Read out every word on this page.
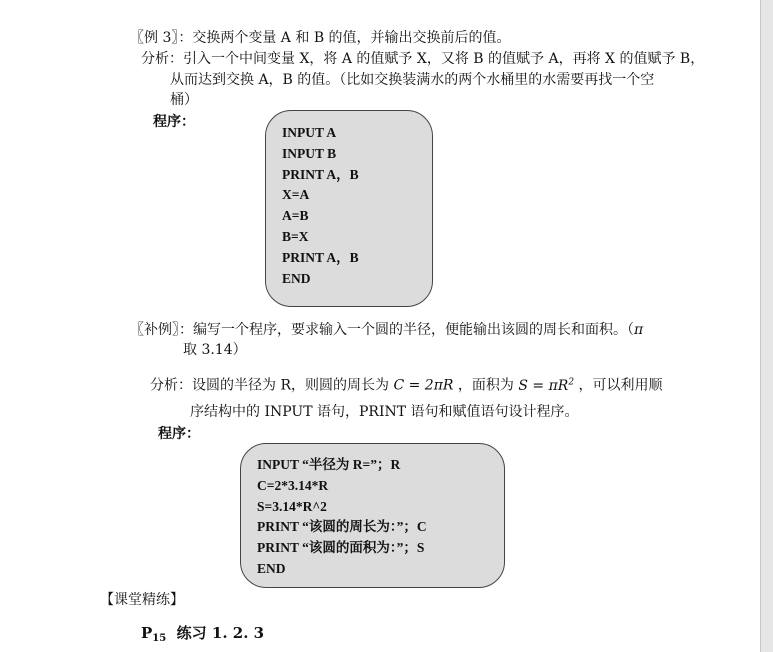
〖例 3〗：交换两个变量 A 和 B 的值，并输出交换前后的值。
分析：引入一个中间变量 X，将 A 的值赋予 X，又将 B 的值赋予 A，再将 X 的值赋予 B，
从而达到交换 A，B 的值。（比如交换装满水的两个水桶里的水需要再找一个空
桶）
程序：
INPUT A
INPUT B
PRINT A，B
X=A
A=B
B=X
PRINT A，B
END
〖补例〗：编写一个程序，要求输入一个圆的半径，便能输出该圆的周长和面积。（π
取 3.14）
分析：设圆的半径为 R，则圆的周长为 C = 2πR ，面积为 $S = \pi R^2$ ，可以利用顺
序结构中的 INPUT 语句，PRINT 语句和赋值语句设计程序。
程序：
INPUT “半径为 R=”；R
C=2*3.14*R
S=3.14*R^2
PRINT “该圆的周长为：”；C
PRINT “该圆的面积为：”；S
END
【课堂精练】
$P_{15}$ 练习 1. 2. 3
